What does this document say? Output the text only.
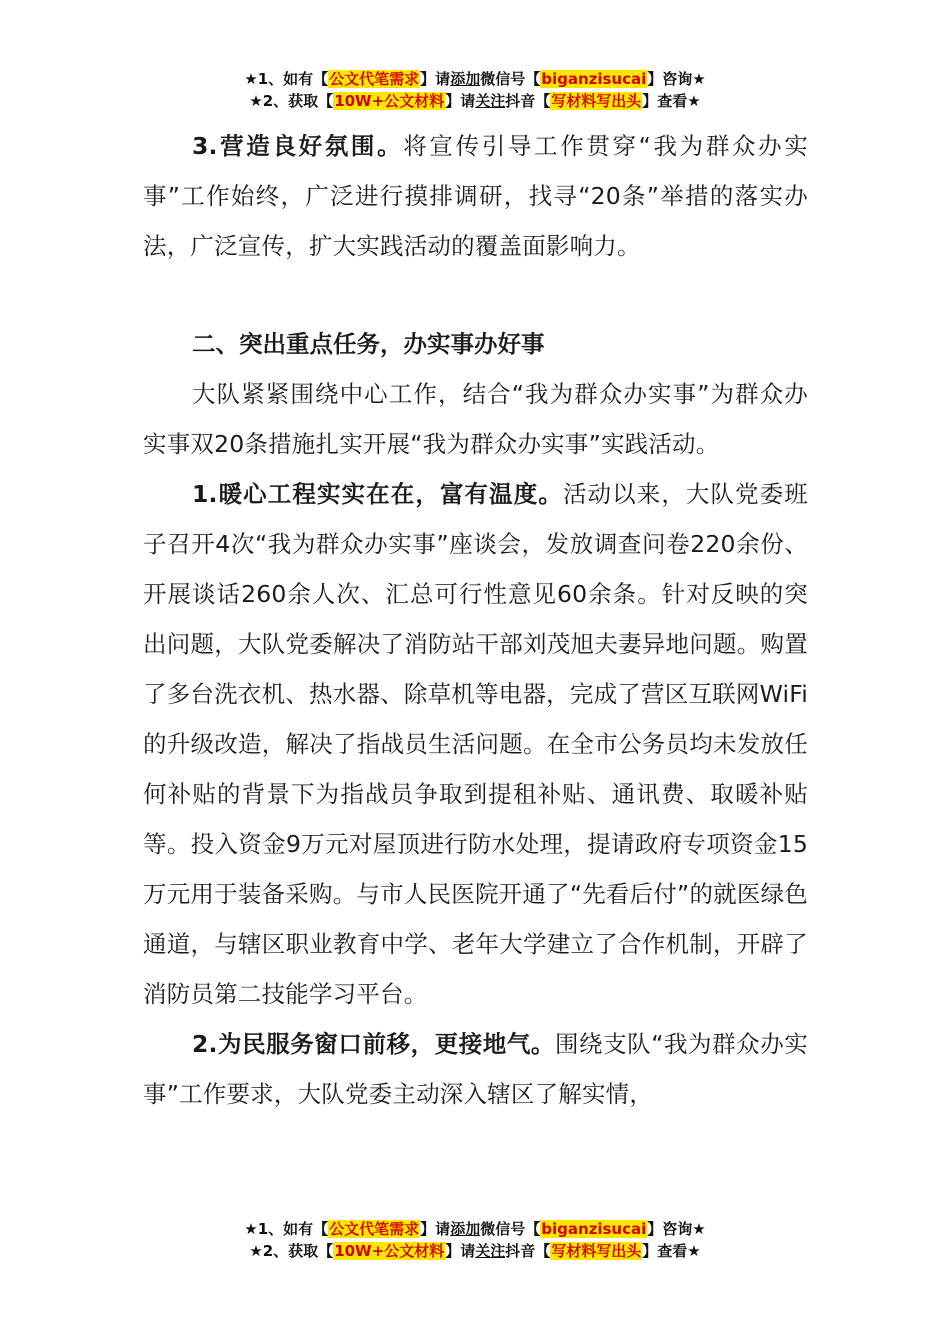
★1、如有【公文代笔需求】请添加微信号【biganzisucai】咨询★
★2、获取【10W+公文材料】请关注抖音【写材料写出头】查看★

3.营造良好氛围。将宣传引导工作贯穿“我为群众办实事”工作始终，广泛进行摸排调研，找寻“20条”举措的落实办法，广泛宣传，扩大实践活动的覆盖面影响力。

二、突出重点任务，办实事办好事

大队紧紧围绕中心工作，结合“我为群众办实事”为群众办实事双20条措施扎实开展“我为群众办实事”实践活动。

1.暖心工程实实在在，富有温度。活动以来，大队党委班子召开4次“我为群众办实事”座谈会，发放调查问卷220余份、开展谈话260余人次、汇总可行性意见60余条。针对反映的突出问题，大队党委解决了消防站干部刘茂旭夫妻异地问题。购置了多台洗衣机、热水器、除草机等电器，完成了营区互联网WiFi的升级改造，解决了指战员生活问题。在全市公务员均未发放任何补贴的背景下为指战员争取到提租补贴、通讯费、取暖补贴等。投入资金9万元对屋顶进行防水处理，提请政府专项资金15万元用于装备采购。与市人民医院开通了“先看后付”的就医绿色通道，与辖区职业教育中学、老年大学建立了合作机制，开辟了消防员第二技能学习平台。

2.为民服务窗口前移，更接地气。围绕支队“我为群众办实事”工作要求，大队党委主动深入辖区了解实情，

★1、如有【公文代笔需求】请添加微信号【biganzisucai】咨询★
★2、获取【10W+公文材料】请关注抖音【写材料写出头】查看★
